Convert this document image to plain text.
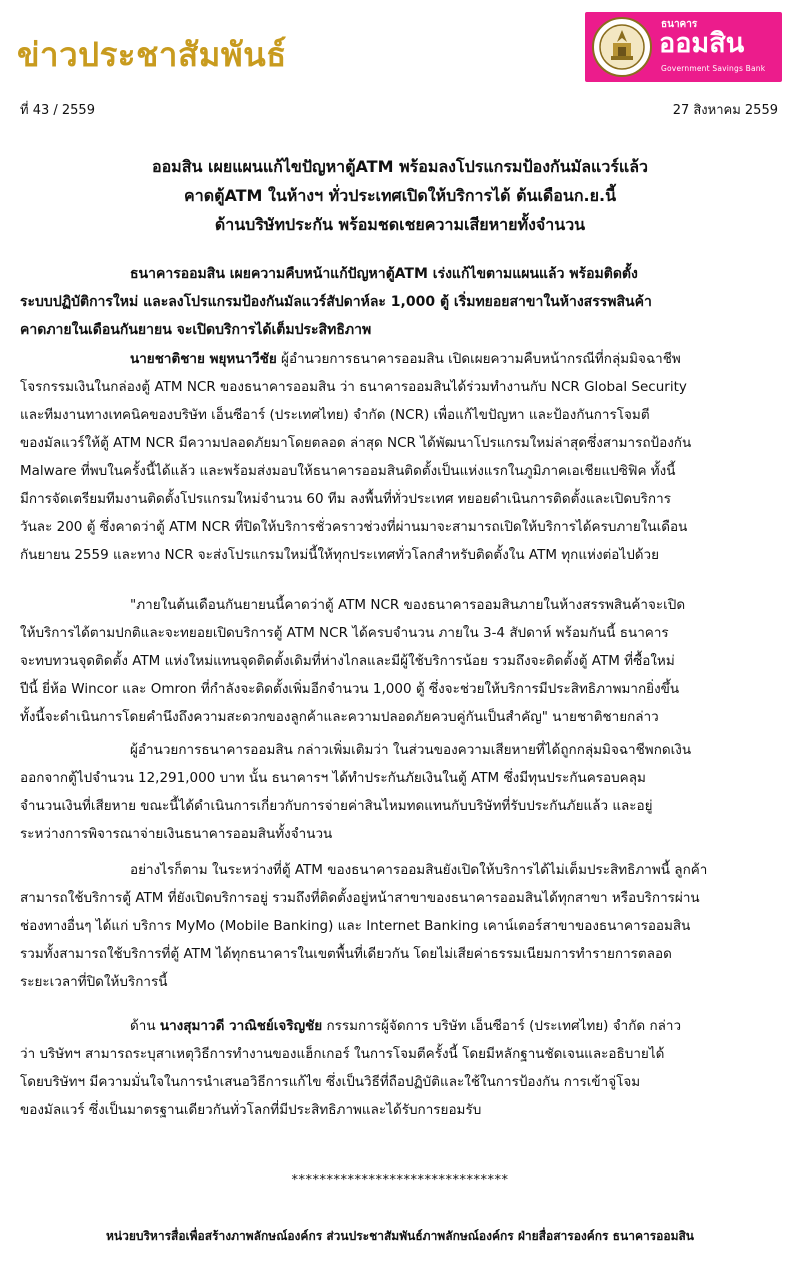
ข่าวประชาสัมพันธ์
ธนาคาร
ออมสิน
Government Savings Bank
ที่ 43 / 2559	27 สิงหาคม 2559
ออมสิน เผยแผนแก้ไขปัญหาตู้ATM พร้อมลงโปรแกรมป้องกันมัลแวร์แล้ว
คาดตู้ATM ในห้างฯ ทั่วประเทศเปิดให้บริการได้ ต้นเดือนก.ย.นี้
ด้านบริษัทประกัน พร้อมชดเชยความเสียหายทั้งจำนวน
ธนาคารออมสิน เผยความคืบหน้าแก้ปัญหาตู้ATM เร่งแก้ไขตามแผนแล้ว พร้อมติดตั้ง
ระบบปฏิบัติการใหม่ และลงโปรแกรมป้องกันมัลแวร์สัปดาห์ละ 1,000 ตู้ เริ่มทยอยสาขาในห้างสรรพสินค้า
คาดภายในเดือนกันยายน จะเปิดบริการได้เต็มประสิทธิภาพ
นายชาติชาย พยุหนาวีชัย ผู้อำนวยการธนาคารออมสิน เปิดเผยความคืบหน้ากรณีที่กลุ่มมิจฉาชีพ
โจรกรรมเงินในกล่องตู้ ATM NCR ของธนาคารออมสิน ว่า ธนาคารออมสินได้ร่วมทำงานกับ NCR Global Security
และทีมงานทางเทคนิคของบริษัท เอ็นซีอาร์ (ประเทศไทย) จำกัด (NCR) เพื่อแก้ไขปัญหา และป้องกันการโจมตี
ของมัลแวร์ให้ตู้ ATM NCR มีความปลอดภัยมาโดยตลอด ล่าสุด NCR ได้พัฒนาโปรแกรมใหม่ล่าสุดซึ่งสามารถป้องกัน
Malware ที่พบในครั้งนี้ได้แล้ว และพร้อมส่งมอบให้ธนาคารออมสินติดตั้งเป็นแห่งแรกในภูมิภาคเอเชียแปซิฟิค ทั้งนี้
มีการจัดเตรียมทีมงานติดตั้งโปรแกรมใหม่จำนวน 60 ทีม ลงพื้นที่ทั่วประเทศ ทยอยดำเนินการติดตั้งและเปิดบริการ
วันละ 200 ตู้ ซึ่งคาดว่าตู้ ATM NCR ที่ปิดให้บริการชั่วคราวช่วงที่ผ่านมาจะสามารถเปิดให้บริการได้ครบภายในเดือน
กันยายน 2559 และทาง NCR จะส่งโปรแกรมใหม่นี้ให้ทุกประเทศทั่วโลกสำหรับติดตั้งใน ATM ทุกแห่งต่อไปด้วย
"ภายในต้นเดือนกันยายนนี้คาดว่าตู้ ATM NCR ของธนาคารออมสินภายในห้างสรรพสินค้าจะเปิด
ให้บริการได้ตามปกติและจะทยอยเปิดบริการตู้ ATM NCR ได้ครบจำนวน ภายใน 3-4 สัปดาห์ พร้อมกันนี้ ธนาคาร
จะทบทวนจุดติดตั้ง ATM แห่งใหม่แทนจุดติดตั้งเดิมที่ห่างไกลและมีผู้ใช้บริการน้อย รวมถึงจะติดตั้งตู้ ATM ที่ซื้อใหม่
ปีนี้ ยี่ห้อ Wincor และ Omron ที่กำลังจะติดตั้งเพิ่มอีกจำนวน 1,000 ตู้ ซึ่งจะช่วยให้บริการมีประสิทธิภาพมากยิ่งขึ้น
ทั้งนี้จะดำเนินการโดยคำนึงถึงความสะดวกของลูกค้าและความปลอดภัยควบคู่กันเป็นสำคัญ" นายชาติชายกล่าว
ผู้อำนวยการธนาคารออมสิน กล่าวเพิ่มเติมว่า ในส่วนของความเสียหายที่ได้ถูกกลุ่มมิจฉาชีพกดเงิน
ออกจากตู้ไปจำนวน 12,291,000 บาท นั้น ธนาคารฯ ได้ทำประกันภัยเงินในตู้ ATM ซึ่งมีทุนประกันครอบคลุม
จำนวนเงินที่เสียหาย ขณะนี้ได้ดำเนินการเกี่ยวกับการจ่ายค่าสินไหมทดแทนกับบริษัทที่รับประกันภัยแล้ว และอยู่
ระหว่างการพิจารณาจ่ายเงินธนาคารออมสินทั้งจำนวน
อย่างไรก็ตาม ในระหว่างที่ตู้ ATM ของธนาคารออมสินยังเปิดให้บริการได้ไม่เต็มประสิทธิภาพนี้ ลูกค้า
สามารถใช้บริการตู้ ATM ที่ยังเปิดบริการอยู่ รวมถึงที่ติดตั้งอยู่หน้าสาขาของธนาคารออมสินได้ทุกสาขา หรือบริการผ่าน
ช่องทางอื่นๆ ได้แก่ บริการ MyMo (Mobile Banking) และ Internet Banking เคาน์เตอร์สาขาของธนาคารออมสิน
รวมทั้งสามารถใช้บริการที่ตู้ ATM ได้ทุกธนาคารในเขตพื้นที่เดียวกัน โดยไม่เสียค่าธรรมเนียมการทำรายการตลอด
ระยะเวลาที่ปิดให้บริการนี้
ด้าน นางสุมาวดี วาณิชย์เจริญชัย กรรมการผู้จัดการ บริษัท เอ็นซีอาร์ (ประเทศไทย) จำกัด กล่าว
ว่า บริษัทฯ สามารถระบุสาเหตุวิธีการทำงานของแฮ็กเกอร์ ในการโจมตีครั้งนี้ โดยมีหลักฐานชัดเจนและอธิบายได้
โดยบริษัทฯ มีความมั่นใจในการนำเสนอวิธีการแก้ไข ซึ่งเป็นวิธีที่ถือปฏิบัติและใช้ในการป้องกัน การเข้าจู่โจม
ของมัลแวร์ ซึ่งเป็นมาตรฐานเดียวกันทั่วโลกที่มีประสิทธิภาพและได้รับการยอมรับ
*******************************
หน่วยบริหารสื่อเพื่อสร้างภาพลักษณ์องค์กร ส่วนประชาสัมพันธ์ภาพลักษณ์องค์กร ฝ่ายสื่อสารองค์กร ธนาคารออมสิน
